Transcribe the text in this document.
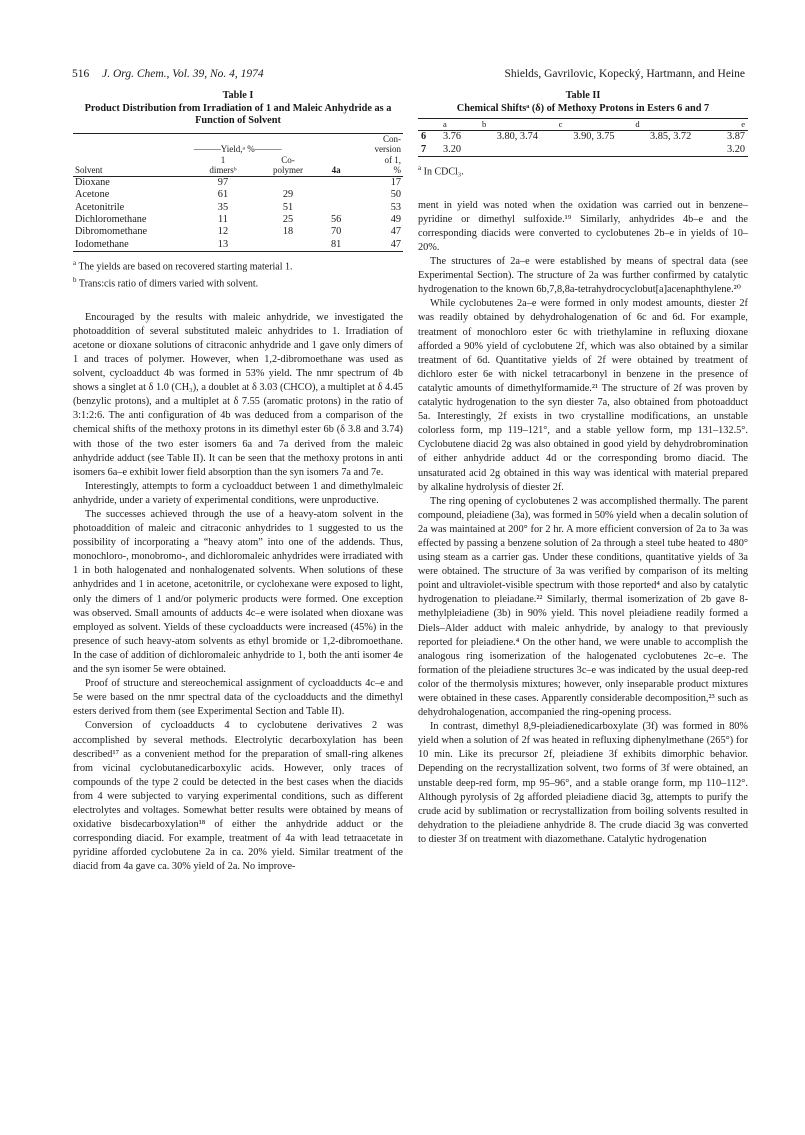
516 J. Org. Chem., Vol. 39, No. 4, 1974	Shields, Gavrilovic, Kopecký, Hartmann, and Heine
Table I
Product Distribution from Irradiation of 1 and Maleic Anhydride as a Function of Solvent

	———Yield,ᵃ %———			Con-
version

	1	Co-		of 1,

Solvent	dimersᵇ	polymer	4a	%

Dioxane	97			17
Acetone	61	29		50
Acetonitrile	35	51		53
Dichloromethane	11	25	56	49
Dibromomethane	12	18	70	47
Iodomethane	13		81	47

$^a$ The yields are based on recovered starting material 1.
$^b$ Trans:cis ratio of dimers varied with solvent.

Encouraged by the results with maleic anhydride, we investigated the photoaddition of several substituted maleic anhydrides to 1. Irradiation of acetone or dioxane solutions of citraconic anhydride and 1 gave only dimers of 1 and traces of polymer. However, when 1,2-dibromoethane was used as solvent, cycloadduct 4b was formed in 53% yield. The nmr spectrum of 4b shows a singlet at δ 1.0 (CH₃), a doublet at δ 3.03 (CHCO), a multiplet at δ 4.45 (benzylic protons), and a multiplet at δ 7.55 (aromatic protons) in the ratio of 3:1:2:6. The anti configuration of 4b was deduced from a comparison of the chemical shifts of the methoxy protons in its dimethyl ester 6b (δ 3.8 and 3.74) with those of the two ester isomers 6a and 7a derived from the maleic anhydride adduct (see Table II). It can be seen that the methoxy protons in anti isomers 6a–e exhibit lower field absorption than the syn isomers 7a and 7e.

Interestingly, attempts to form a cycloadduct between 1 and dimethylmaleic anhydride, under a variety of experimental conditions, were unproductive.

The successes achieved through the use of a heavy-atom solvent in the photoaddition of maleic and citraconic anhydrides to 1 suggested to us the possibility of incorporating a “heavy atom” into one of the addends. Thus, monochloro-, monobromo-, and dichloromaleic anhydrides were irradiated with 1 in both halogenated and nonhalogenated solvents. When solutions of these anhydrides and 1 in acetone, acetonitrile, or cyclohexane were exposed to light, only the dimers of 1 and/or polymeric products were formed. One exception was observed. Small amounts of adducts 4c–e were isolated when dioxane was employed as solvent. Yields of these cycloadducts were increased (45%) in the presence of such heavy-atom solvents as ethyl bromide or 1,2-dibromoethane. In the case of addition of dichloromaleic anhydride to 1, both the anti isomer 4e and the syn isomer 5e were obtained.

Proof of structure and stereochemical assignment of cycloadducts 4c–e and 5e were based on the nmr spectral data of the cycloadducts and the dimethyl esters derived from them (see Experimental Section and Table II).

Conversion of cycloadducts 4 to cyclobutene derivatives 2 was accomplished by several methods. Electrolytic decarboxylation has been described¹⁷ as a convenient method for the preparation of small-ring alkenes from vicinal cyclobutanedicarboxylic acids. However, only traces of compounds of the type 2 could be detected in the best cases when the diacids from 4 were subjected to varying experimental conditions, such as different electrolytes and voltages. Somewhat better results were obtained by means of oxidative bisdecarboxylation¹⁸ of either the anhydride adduct or the corresponding diacid. For example, treatment of 4a with lead tetraacetate in pyridine afforded cyclobutene 2a in ca. 20% yield. Similar treatment of the diacid from 4a gave ca. 30% yield of 2a. No improve-

Table II
Chemical Shiftsᵃ (δ) of Methoxy Protons in Esters 6 and 7

	a	b	c	d	e

6	3.76	3.80, 3.74	3.90, 3.75	3.85, 3.72	3.87
7	3.20				3.20

$^a$ In CDCl₃.

ment in yield was noted when the oxidation was carried out in benzene–pyridine or dimethyl sulfoxide.¹⁹ Similarly, anhydrides 4b–e and the corresponding diacids were converted to cyclobutenes 2b–e in yields of 10–20%.

The structures of 2a–e were established by means of spectral data (see Experimental Section). The structure of 2a was further confirmed by catalytic hydrogenation to the known 6b,7,8,8a-tetrahydrocyclobut[a]acenaphthylene.²⁰

While cyclobutenes 2a–e were formed in only modest amounts, diester 2f was readily obtained by dehydrohalogenation of 6c and 6d. For example, treatment of monochloro ester 6c with triethylamine in refluxing dioxane afforded a 90% yield of cyclobutene 2f, which was also obtained by a similar treatment of 6d. Quantitative yields of 2f were obtained by treatment of dichloro ester 6e with nickel tetracarbonyl in benzene in the presence of catalytic amounts of dimethylformamide.²¹ The structure of 2f was proven by catalytic hydrogenation to the syn diester 7a, also obtained from photoadduct 5a. Interestingly, 2f exists in two crystalline modifications, an unstable colorless form, mp 119–121°, and a stable yellow form, mp 131–132.5°. Cyclobutene diacid 2g was also obtained in good yield by dehydrobromination of either anhydride adduct 4d or the corresponding bromo diacid. The unsaturated acid 2g obtained in this way was identical with material prepared by alkaline hydrolysis of diester 2f.

The ring opening of cyclobutenes 2 was accomplished thermally. The parent compound, pleiadiene (3a), was formed in 50% yield when a decalin solution of 2a was maintained at 200° for 2 hr. A more efficient conversion of 2a to 3a was effected by passing a benzene solution of 2a through a steel tube heated to 480° using steam as a carrier gas. Under these conditions, quantitative yields of 3a were obtained. The structure of 3a was verified by comparison of its melting point and ultraviolet-visible spectrum with those reported⁴ and also by catalytic hydrogenation to pleiadane.²² Similarly, thermal isomerization of 2b gave 8-methylpleiadiene (3b) in 90% yield. This novel pleiadiene readily formed a Diels–Alder adduct with maleic anhydride, by analogy to that previously reported for pleiadiene.⁴ On the other hand, we were unable to accomplish the analogous ring isomerization of the halogenated cyclobutenes 2c–e. The formation of the pleiadiene structures 3c–e was indicated by the usual deep-red color of the thermolysis mixtures; however, only inseparable product mixtures were obtained in these cases. Apparently considerable decomposition,²³ such as dehydrohalogenation, accompanied the ring-opening process.

In contrast, dimethyl 8,9-pleiadienedicarboxylate (3f) was formed in 80% yield when a solution of 2f was heated in refluxing diphenylmethane (265°) for 10 min. Like its precursor 2f, pleiadiene 3f exhibits dimorphic behavior. Depending on the recrystallization solvent, two forms of 3f were obtained, an unstable deep-red form, mp 95–96°, and a stable orange form, mp 110–112°. Although pyrolysis of 2g afforded pleiadiene diacid 3g, attempts to purify the crude acid by sublimation or recrystallization from boiling solvents resulted in dehydration to the pleiadiene anhydride 8. The crude diacid 3g was converted to diester 3f on treatment with diazomethane. Catalytic hydrogenation
